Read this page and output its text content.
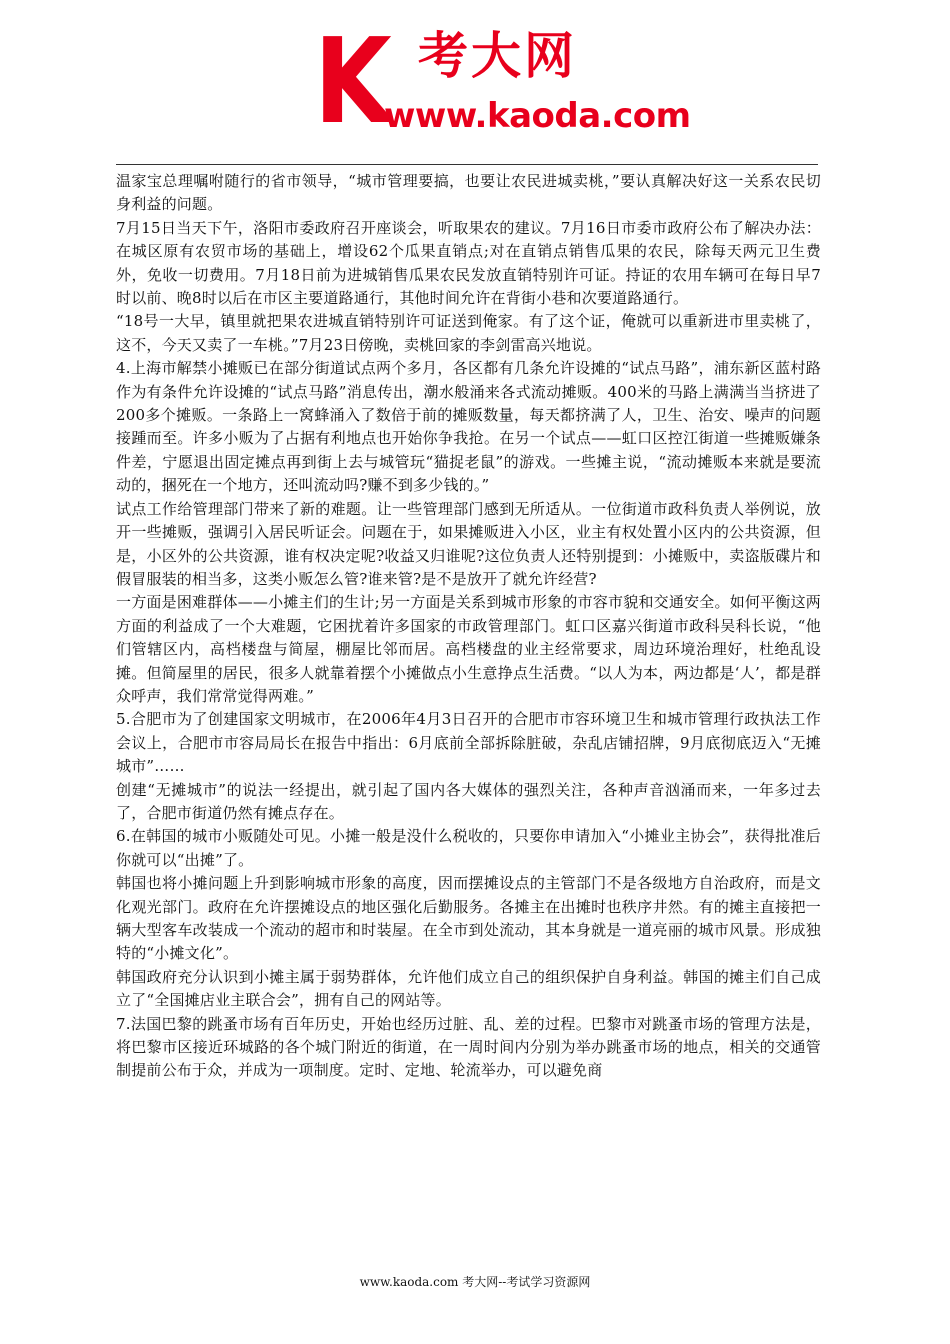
K 考大网
www.kaoda.com

温家宝总理嘱咐随行的省市领导，“城市管理要搞，也要让农民进城卖桃，”要认真解决好这一关系农民切身利益的问题。

7月15日当天下午，洛阳市委政府召开座谈会，听取果农的建议。7月16日市委市政府公布了解决办法：在城区原有农贸市场的基础上，增设62个瓜果直销点;对在直销点销售瓜果的农民，除每天两元卫生费外，免收一切费用。7月18日前为进城销售瓜果农民发放直销特别许可证。持证的农用车辆可在每日早7时以前、晚8时以后在市区主要道路通行，其他时间允许在背街小巷和次要道路通行。

“18号一大早，镇里就把果农进城直销特别许可证送到俺家。有了这个证，俺就可以重新进市里卖桃了，这不，今天又卖了一车桃。”7月23日傍晚，卖桃回家的李剑雷高兴地说。

4.上海市解禁小摊贩已在部分街道试点两个多月，各区都有几条允许设摊的“试点马路”，浦东新区蓝村路作为有条件允许设摊的“试点马路”消息传出，潮水般涌来各式流动摊贩。400米的马路上满满当当挤进了200多个摊贩。一条路上一窝蜂涌入了数倍于前的摊贩数量，每天都挤满了人，卫生、治安、噪声的问题接踵而至。许多小贩为了占据有利地点也开始你争我抢。在另一个试点——虹口区控江街道一些摊贩嫌条件差，宁愿退出固定摊点再到街上去与城管玩“猫捉老鼠”的游戏。一些摊主说，“流动摊贩本来就是要流动的，捆死在一个地方，还叫流动吗?赚不到多少钱的。”

试点工作给管理部门带来了新的难题。让一些管理部门感到无所适从。一位街道市政科负责人举例说，放开一些摊贩，强调引入居民听证会。问题在于，如果摊贩进入小区，业主有权处置小区内的公共资源，但是，小区外的公共资源，谁有权决定呢?收益又归谁呢?这位负责人还特别提到：小摊贩中，卖盗版碟片和假冒服装的相当多，这类小贩怎么管?谁来管?是不是放开了就允许经营?

一方面是困难群体——小摊主们的生计;另一方面是关系到城市形象的市容市貌和交通安全。如何平衡这两方面的利益成了一个大难题，它困扰着许多国家的市政管理部门。虹口区嘉兴街道市政科吴科长说，“他们管辖区内，高档楼盘与简屋，棚屋比邻而居。高档楼盘的业主经常要求，周边环境治理好，杜绝乱设摊。但简屋里的居民，很多人就靠着摆个小摊做点小生意挣点生活费。“以人为本，两边都是‘人’，都是群众呼声，我们常常觉得两难。”

5.合肥市为了创建国家文明城市，在2006年4月3日召开的合肥市市容环境卫生和城市管理行政执法工作会议上，合肥市市容局局长在报告中指出：6月底前全部拆除脏破，杂乱店铺招牌，9月底彻底迈入“无摊城市”……

创建“无摊城市”的说法一经提出，就引起了国内各大媒体的强烈关注，各种声音汹涌而来，一年多过去了，合肥市街道仍然有摊点存在。

6.在韩国的城市小贩随处可见。小摊一般是没什么税收的，只要你申请加入“小摊业主协会”，获得批准后你就可以“出摊”了。

韩国也将小摊问题上升到影响城市形象的高度，因而摆摊设点的主管部门不是各级地方自治政府，而是文化观光部门。政府在允许摆摊设点的地区强化后勤服务。各摊主在出摊时也秩序井然。有的摊主直接把一辆大型客车改装成一个流动的超市和时装屋。在全市到处流动，其本身就是一道亮丽的城市风景。形成独特的“小摊文化”。

韩国政府充分认识到小摊主属于弱势群体，允许他们成立自己的组织保护自身利益。韩国的摊主们自己成立了“全国摊店业主联合会”，拥有自己的网站等。

7.法国巴黎的跳蚤市场有百年历史，开始也经历过脏、乱、差的过程。巴黎市对跳蚤市场的管理方法是，将巴黎市区接近环城路的各个城门附近的街道，在一周时间内分别为举办跳蚤市场的地点，相关的交通管制提前公布于众，并成为一项制度。定时、定地、轮流举办，可以避免商

www.kaoda.com 考大网--考试学习资源网
